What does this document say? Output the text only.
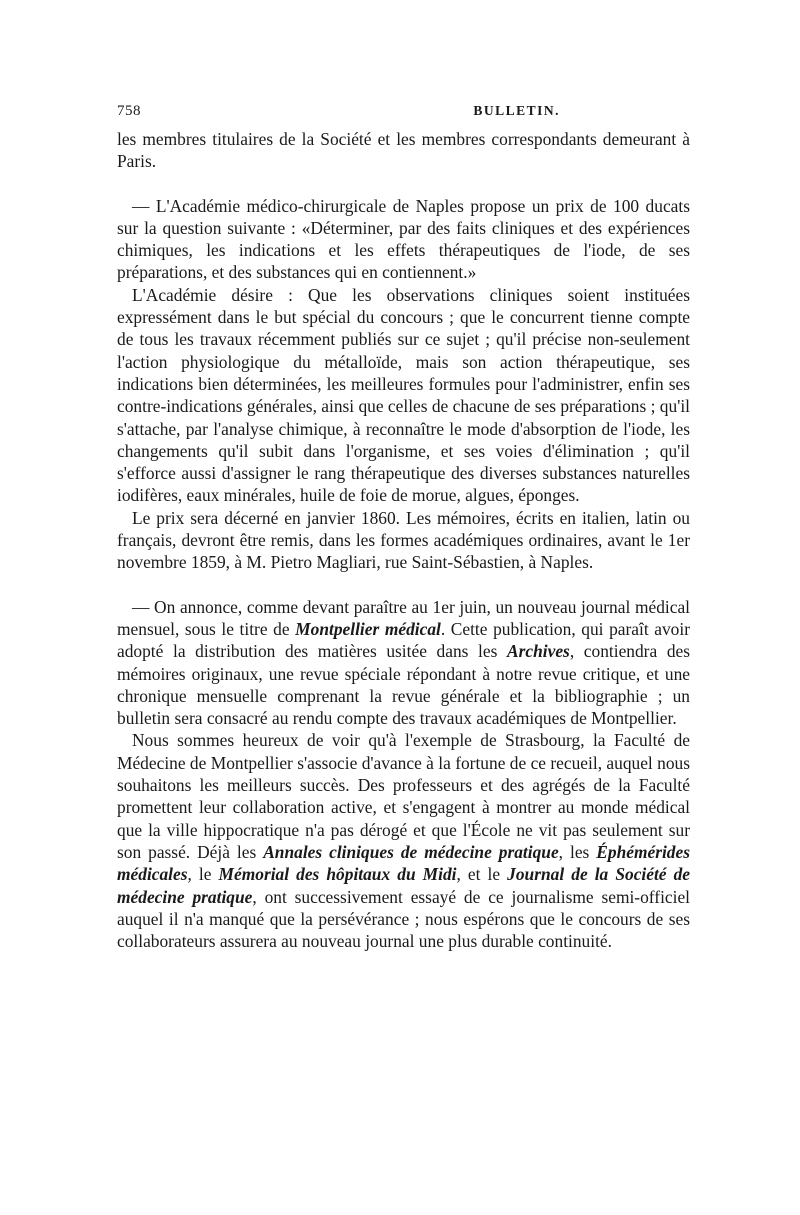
758	BULLETIN.

les membres titulaires de la Société et les membres correspondants demeurant à Paris.

— L'Académie médico-chirurgicale de Naples propose un prix de 100 ducats sur la question suivante : «Déterminer, par des faits cliniques et des expériences chimiques, les indications et les effets thérapeutiques de l'iode, de ses préparations, et des substances qui en contiennent.»

L'Académie désire : Que les observations cliniques soient instituées expressément dans le but spécial du concours ; que le concurrent tienne compte de tous les travaux récemment publiés sur ce sujet ; qu'il précise non-seulement l'action physiologique du métalloïde, mais son action thérapeutique, ses indications bien déterminées, les meilleures formules pour l'administrer, enfin ses contre-indications générales, ainsi que celles de chacune de ses préparations ; qu'il s'attache, par l'analyse chimique, à reconnaître le mode d'absorption de l'iode, les changements qu'il subit dans l'organisme, et ses voies d'élimination ; qu'il s'efforce aussi d'assigner le rang thérapeutique des diverses substances naturelles iodifères, eaux minérales, huile de foie de morue, algues, éponges.

Le prix sera décerné en janvier 1860. Les mémoires, écrits en italien, latin ou français, devront être remis, dans les formes académiques ordinaires, avant le 1er novembre 1859, à M. Pietro Magliari, rue Saint-Sébastien, à Naples.

— On annonce, comme devant paraître au 1er juin, un nouveau journal médical mensuel, sous le titre de Montpellier médical. Cette publication, qui paraît avoir adopté la distribution des matières usitée dans les Archives, contiendra des mémoires originaux, une revue spéciale répondant à notre revue critique, et une chronique mensuelle comprenant la revue générale et la bibliographie ; un bulletin sera consacré au rendu compte des travaux académiques de Montpellier.

Nous sommes heureux de voir qu'à l'exemple de Strasbourg, la Faculté de Médecine de Montpellier s'associe d'avance à la fortune de ce recueil, auquel nous souhaitons les meilleurs succès. Des professeurs et des agrégés de la Faculté promettent leur collaboration active, et s'engagent à montrer au monde médical que la ville hippocratique n'a pas dérogé et que l'École ne vit pas seulement sur son passé. Déjà les Annales cliniques de médecine pratique, les Éphémérides médicales, le Mémorial des hôpitaux du Midi, et le Journal de la Société de médecine pratique, ont successivement essayé de ce journalisme semi-officiel auquel il n'a manqué que la persévérance ; nous espérons que le concours de ses collaborateurs assurera au nouveau journal une plus durable continuité.
